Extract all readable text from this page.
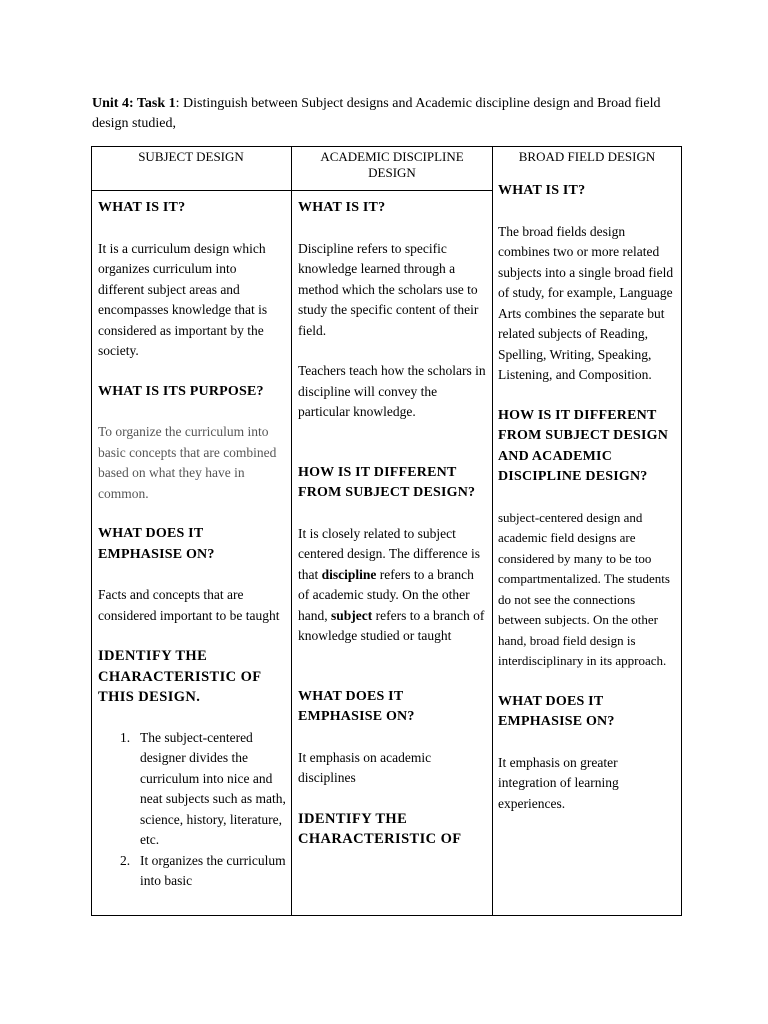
Unit 4: Task 1: Distinguish between Subject designs and Academic discipline design and Broad field design studied,
SUBJECT DESIGN	ACADEMIC DISCIPLINE DESIGN
BROAD FIELD DESIGN
WHAT IS IT?
It is a curriculum design which organizes curriculum into different subject areas and encompasses knowledge that is considered as important by the society.
WHAT IS ITS PURPOSE?
To organize the curriculum into basic concepts that are combined based on what they have in common.
WHAT DOES IT EMPHASISE ON?
Facts and concepts that are considered important to be taught
IDENTIFY THE CHARACTERISTIC OF THIS DESIGN.
1. The subject-centered designer divides the curriculum into nice and neat subjects such as math, science, history, literature, etc.
2. It organizes the curriculum into basic
WHAT IS IT?
Discipline refers to specific knowledge learned through a method which the scholars use to study the specific content of their field.
Teachers teach how the scholars in discipline will convey the particular knowledge.
HOW IS IT DIFFERENT FROM SUBJECT DESIGN?
It is closely related to subject centered design. The difference is that discipline refers to a branch of academic study. On the other hand, subject refers to a branch of knowledge studied or taught
WHAT DOES IT EMPHASISE ON?
It emphasis on academic disciplines
IDENTIFY THE CHARACTERISTIC OF
WHAT IS IT?
The broad fields design combines two or more related subjects into a single broad field of study, for example, Language Arts combines the separate but related subjects of Reading, Spelling, Writing, Speaking, Listening, and Composition.
HOW IS IT DIFFERENT FROM SUBJECT DESIGN AND ACADEMIC DISCIPLINE DESIGN?
subject-centered design and academic field designs are considered by many to be too compartmentalized. The students do not see the connections between subjects. On the other hand, broad field design is interdisciplinary in its approach.
WHAT DOES IT EMPHASISE ON?
It emphasis on greater integration of learning experiences.
